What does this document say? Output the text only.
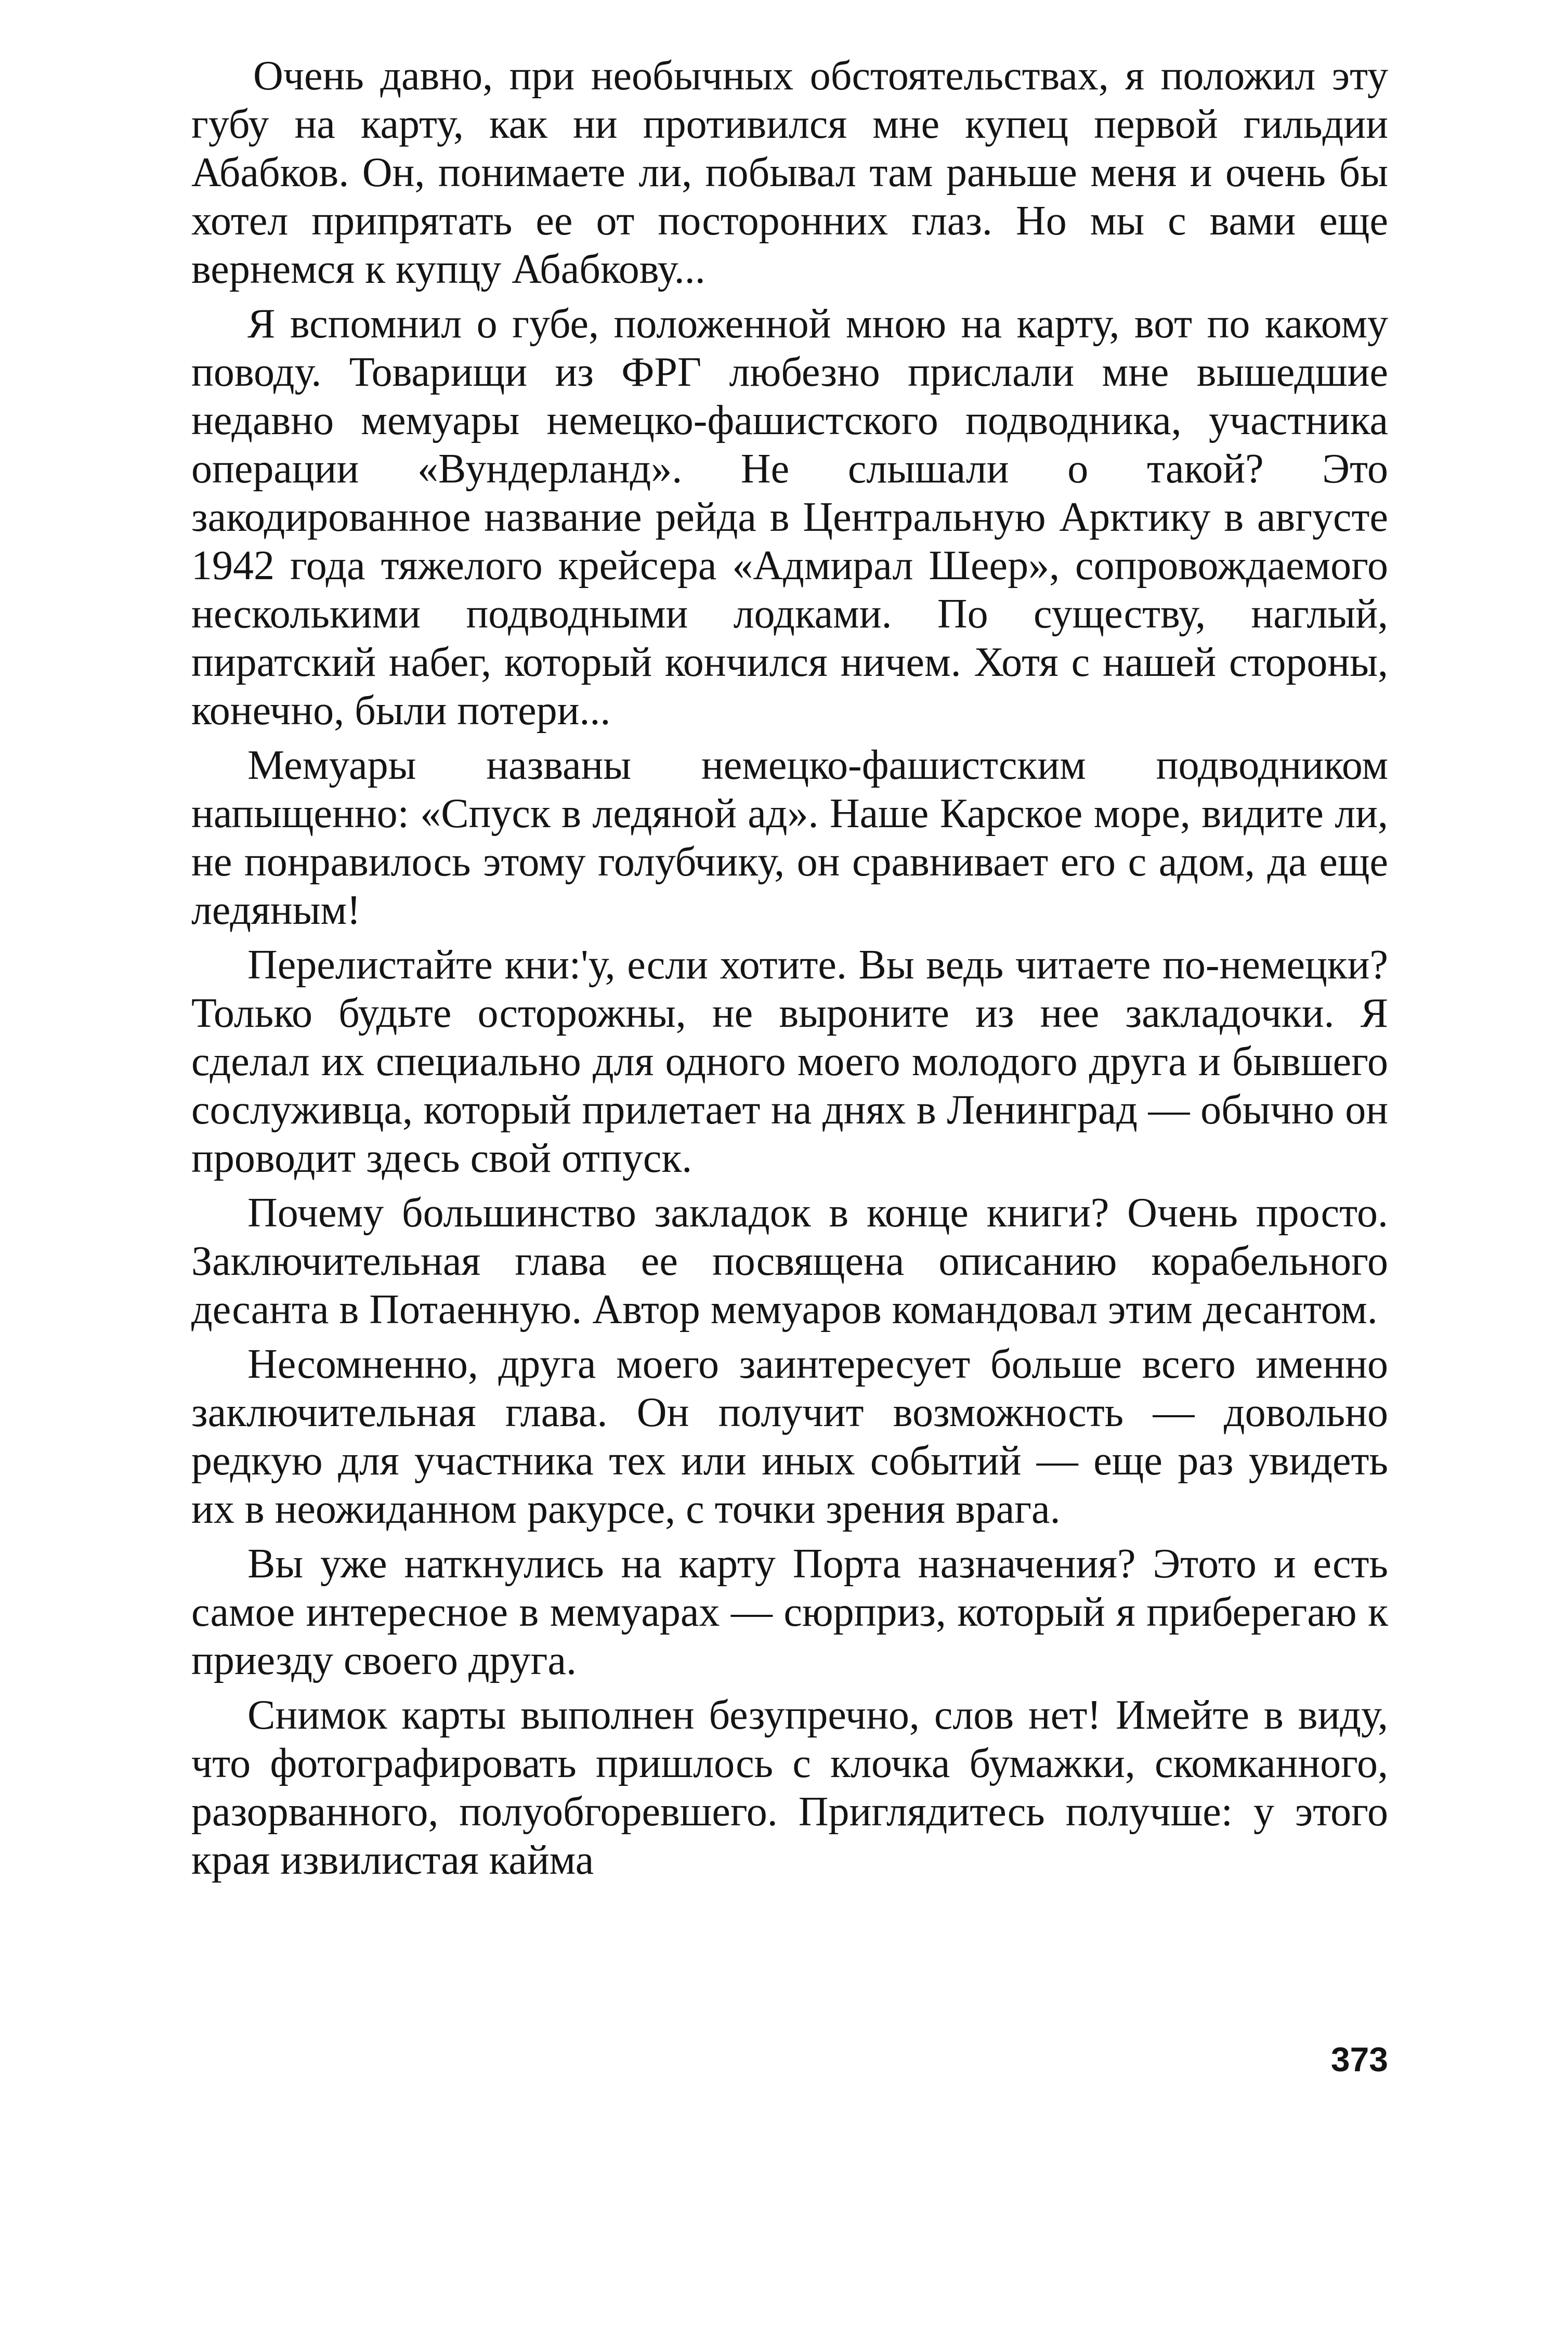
Очень давно, при необычных обстоятельствах, я положил эту губу на карту, как ни противился мне купец первой гильдии Абабков. Он, понимаете ли, побывал там раньше меня и очень бы хотел припрятать ее от посторонних глаз. Но мы с вами еще вернемся к купцу Абабкову...

Я вспомнил о губе, положенной мною на карту, вот по какому поводу. Товарищи из ФРГ любезно прислали мне вышедшие недавно мемуары немецко-фашистского подводника, участника операции «Вундерланд». Не слышали о такой? Это закодированное название рейда в Центральную Арктику в августе 1942 года тяжелого крейсера «Адмирал Шеер», сопровождаемого несколькими подводными лодками. По существу, наглый, пиратский набег, который кончился ничем. Хотя с нашей стороны, конечно, были потери...

Мемуары названы немецко-фашистским подводником напыщенно: «Спуск в ледяной ад». Наше Карское море, видите ли, не понравилось этому голубчику, он сравнивает его с адом, да еще ледяным!

Перелистайте кни:'у, если хотите. Вы ведь читаете по-немецки? Только будьте осторожны, не выроните из нее закладочки. Я сделал их специально для одного моего молодого друга и бывшего сослуживца, который прилетает на днях в Ленинград — обычно он проводит здесь свой отпуск.

Почему большинство закладок в конце книги? Очень просто. Заключительная глава ее посвящена описанию корабельного десанта в Потаенную. Автор мемуаров командовал этим десантом.

Несомненно, друга моего заинтересует больше всего именно заключительная глава. Он получит возможность — довольно редкую для участника тех или иных событий — еще раз увидеть их в неожиданном ракурсе, с точки зрения врага.

Вы уже наткнулись на карту Порта назначения? Этото и есть самое интересное в мемуарах — сюрприз, который я приберегаю к приезду своего друга.

Снимок карты выполнен безупречно, слов нет! Имейте в виду, что фотографировать пришлось с клочка бумажки, скомканного, разорванного, полуобгоревшего. Приглядитесь получше: у этого края извилистая кайма

373
